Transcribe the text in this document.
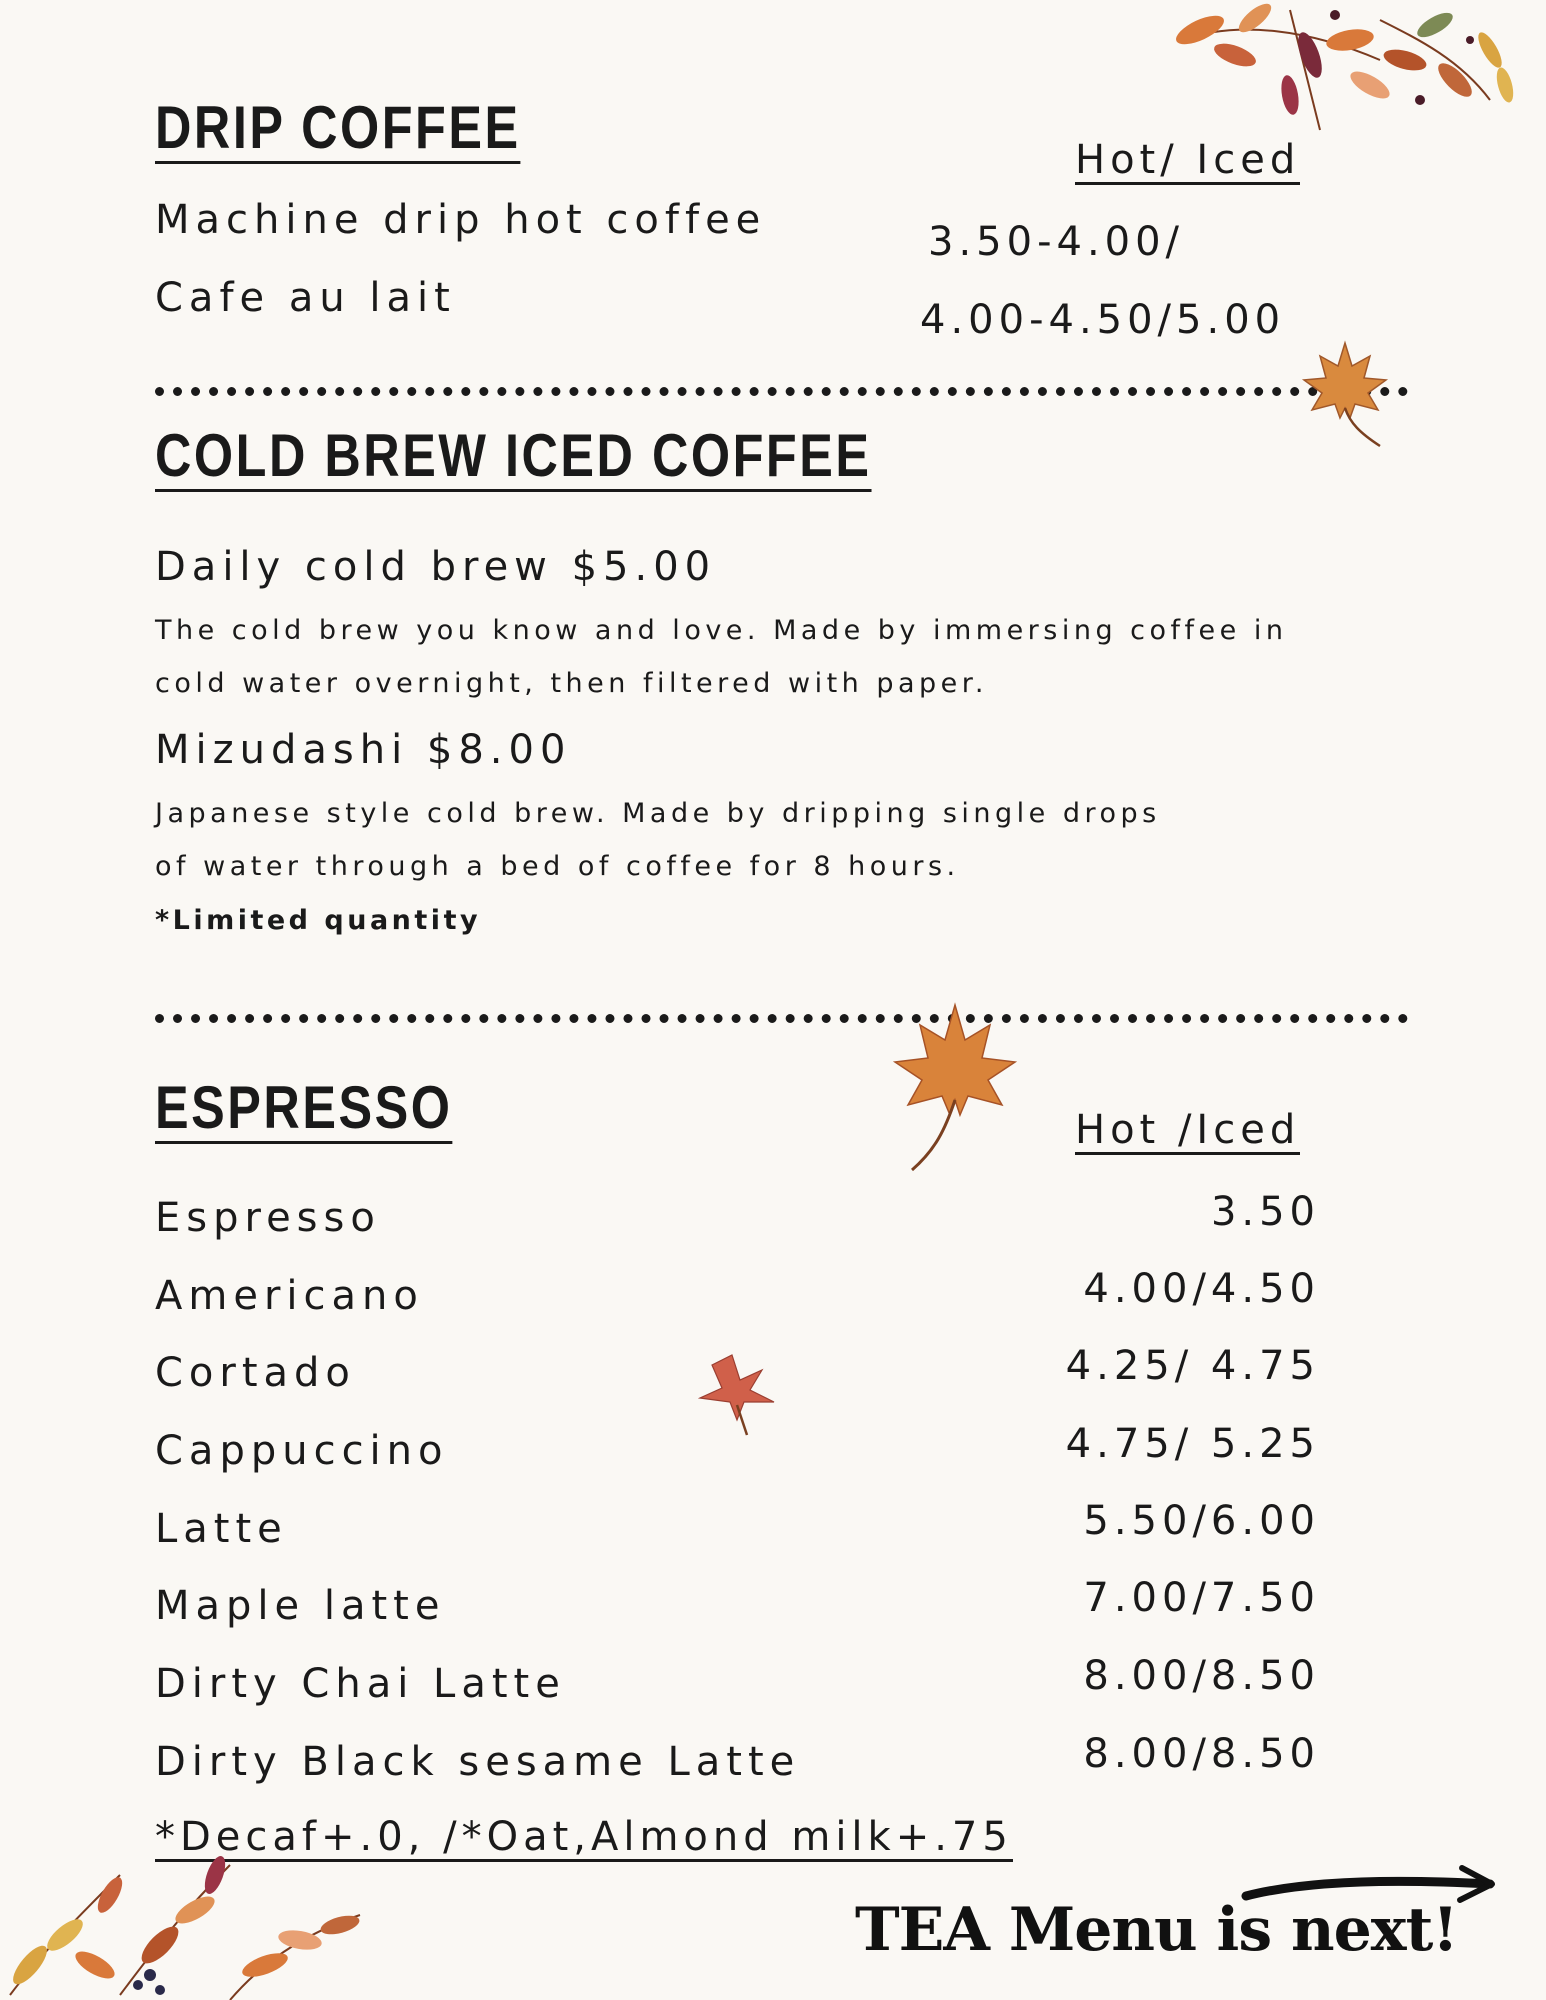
DRIP COFFEE	Hot/ Iced
Machine drip hot coffee	3.50-4.00/
Cafe au lait	4.00-4.50/5.00
COLD BREW ICED COFFEE
Daily cold brew $5.00
The cold brew you know and love. Made by immersing coffee in
cold water overnight, then filtered with paper.
Mizudashi $8.00
Japanese style cold brew. Made by dripping single drops
of water through a bed of coffee for 8 hours.
*Limited quantity
ESPRESSO	Hot /Iced
Espresso	3.50
Americano	4.00/4.50
Cortado	4.25/ 4.75
Cappuccino	4.75/ 5.25
Latte	5.50/6.00
Maple latte	7.00/7.50
Dirty Chai Latte	8.00/8.50
Dirty Black sesame Latte	8.00/8.50
*Decaf+.0, /*Oat,Almond milk+.75
TEA Menu is next!
